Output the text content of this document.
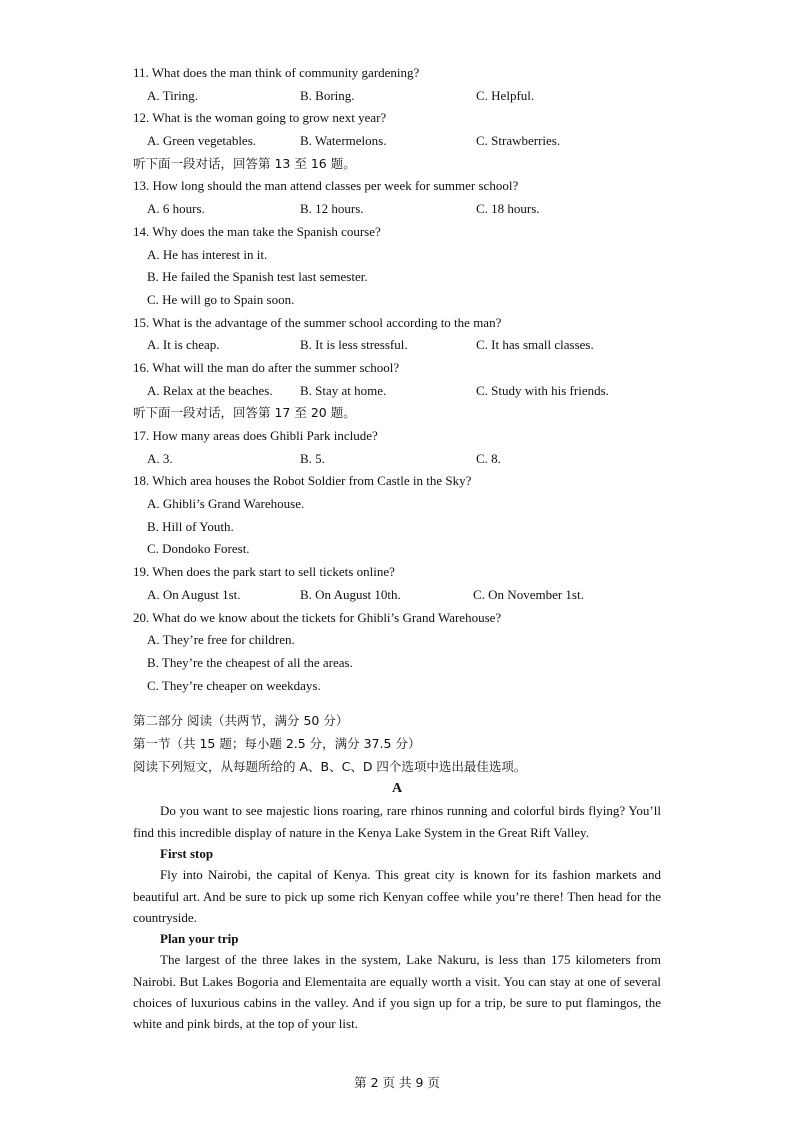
11. What does the man think of community gardening?
A. Tiring.	B. Boring.	C. Helpful.
12. What is the woman going to grow next year?
A. Green vegetables.	B. Watermelons.	C. Strawberries.
听下面一段对话，回答第 13 至 16 题。
13. How long should the man attend classes per week for summer school?
A. 6 hours.	B. 12 hours.	C. 18 hours.
14. Why does the man take the Spanish course?
A. He has interest in it.
B. He failed the Spanish test last semester.
C. He will go to Spain soon.
15. What is the advantage of the summer school according to the man?
A. It is cheap.	B. It is less stressful.	C. It has small classes.
16. What will the man do after the summer school?
A. Relax at the beaches. B. Stay at home.	C. Study with his friends.
听下面一段对话，回答第 17 至 20 题。
17. How many areas does Ghibli Park include?
A. 3.	B. 5.	C. 8.
18. Which area houses the Robot Soldier from Castle in the Sky?
A. Ghibli’s Grand Warehouse.
B. Hill of Youth.
C. Dondoko Forest.
19. When does the park start to sell tickets online?
A. On August 1st.	B. On August 10th.	C. On November 1st.
20. What do we know about the tickets for Ghibli’s Grand Warehouse?
A. They’re free for children.
B. They’re the cheapest of all the areas.
C. They’re cheaper on weekdays.
第二部分 阅读（共两节，满分 50 分）
第一节（共 15 题；每小题 2.5 分，满分 37.5 分）
阅读下列短文，从每题所给的 A、B、C、D 四个选项中选出最佳选项。
A

Do you want to see majestic lions roaring, rare rhinos running and colorful birds flying? You’ll find this incredible display of nature in the Kenya Lake System in the Great Rift Valley.

First stop

Fly into Nairobi, the capital of Kenya. This great city is known for its fashion markets and beautiful art. And be sure to pick up some rich Kenyan coffee while you’re there! Then head for the countryside.

Plan your trip

The largest of the three lakes in the system, Lake Nakuru, is less than 175 kilometers from Nairobi. But Lakes Bogoria and Elementaita are equally worth a visit. You can stay at one of several choices of luxurious cabins in the valley. And if you sign up for a trip, be sure to put flamingos, the white and pink birds, at the top of your list.

第 2 页 共 9 页
